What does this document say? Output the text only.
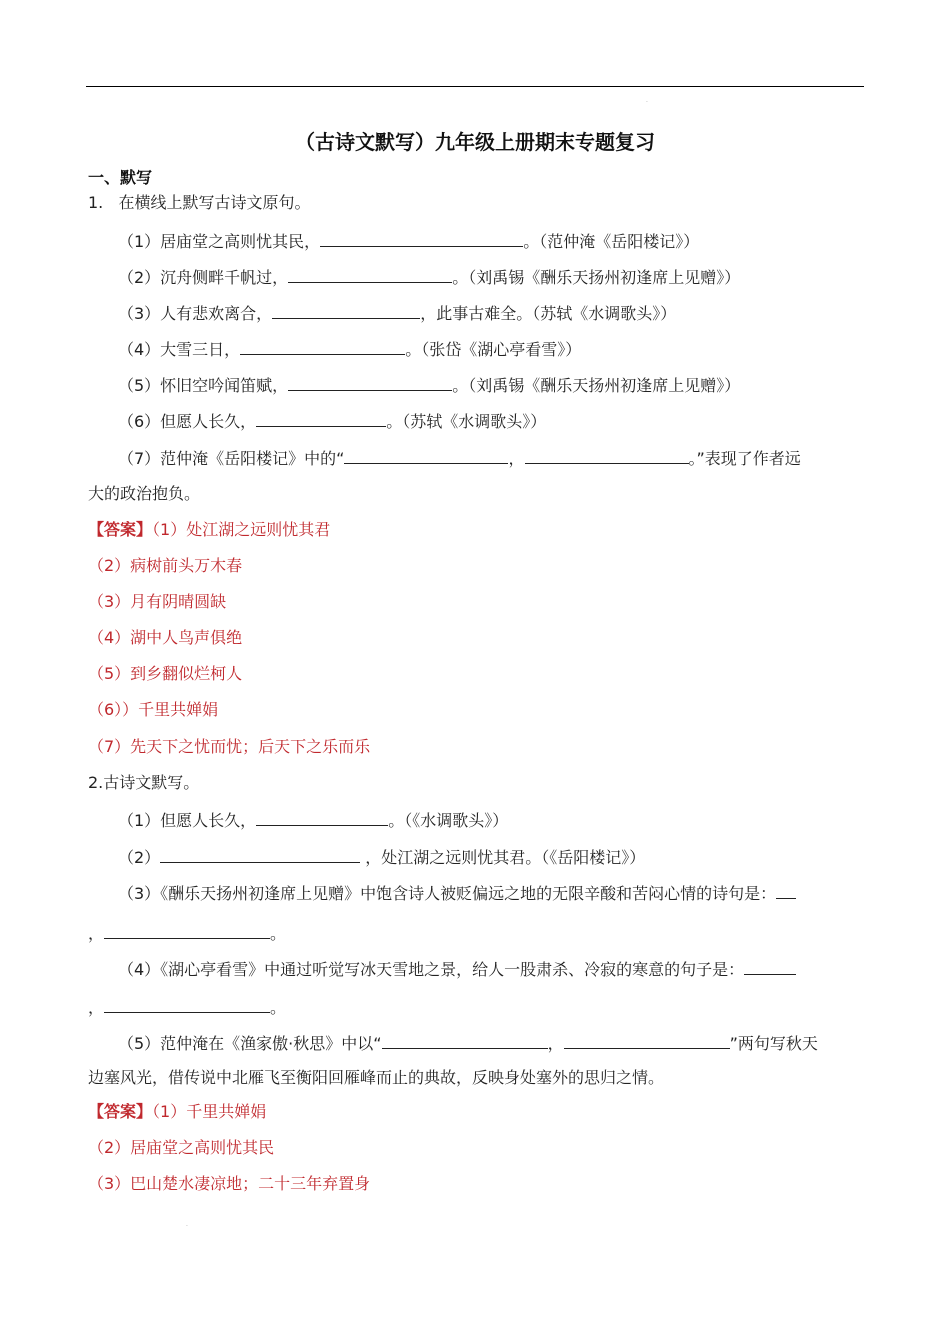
.
.
（古诗文默写）九年级上册期末专题复习
一、默写
1. 在横线上默写古诗文原句。
（1）居庙堂之高则忧其民，	。（范仲淹《岳阳楼记》）
（2）沉舟侧畔千帆过，	。（刘禹锡《酬乐天扬州初逢席上见赠》）
（3）人有悲欢离合，	，此事古难全。（苏轼《水调歌头》）
（4）大雪三日，	。（张岱《湖心亭看雪》）
（5）怀旧空吟闻笛赋，	。（刘禹锡《酬乐天扬州初逢席上见赠》）
（6）但愿人长久，	。（苏轼《水调歌头》）
（7）范仲淹《岳阳楼记》中的“	，	。”表现了作者远
大的政治抱负。
【答案】（1）处江湖之远则忧其君
（2）病树前头万木春
（3）月有阴晴圆缺
（4）湖中人鸟声俱绝
（5）到乡翻似烂柯人
（6））千里共婵娟
（7）先天下之忧而忧；后天下之乐而乐
2.古诗文默写。
（1）但愿人长久，	。（《水调歌头》）
（2）	，处江湖之远则忧其君。（《岳阳楼记》）
（3）《酬乐天扬州初逢席上见赠》中饱含诗人被贬偏远之地的无限辛酸和苦闷心情的诗句是：
，	。
（4）《湖心亭看雪》中通过听觉写冰天雪地之景，给人一股肃杀、冷寂的寒意的句子是：
，	。
（5）范仲淹在《渔家傲·秋思》中以“	，	”两句写秋天
边塞风光，借传说中北雁飞至衡阳回雁峰而止的典故，反映身处塞外的思归之情。
【答案】（1）千里共婵娟
（2）居庙堂之高则忧其民
（3）巴山楚水凄凉地；二十三年弃置身
